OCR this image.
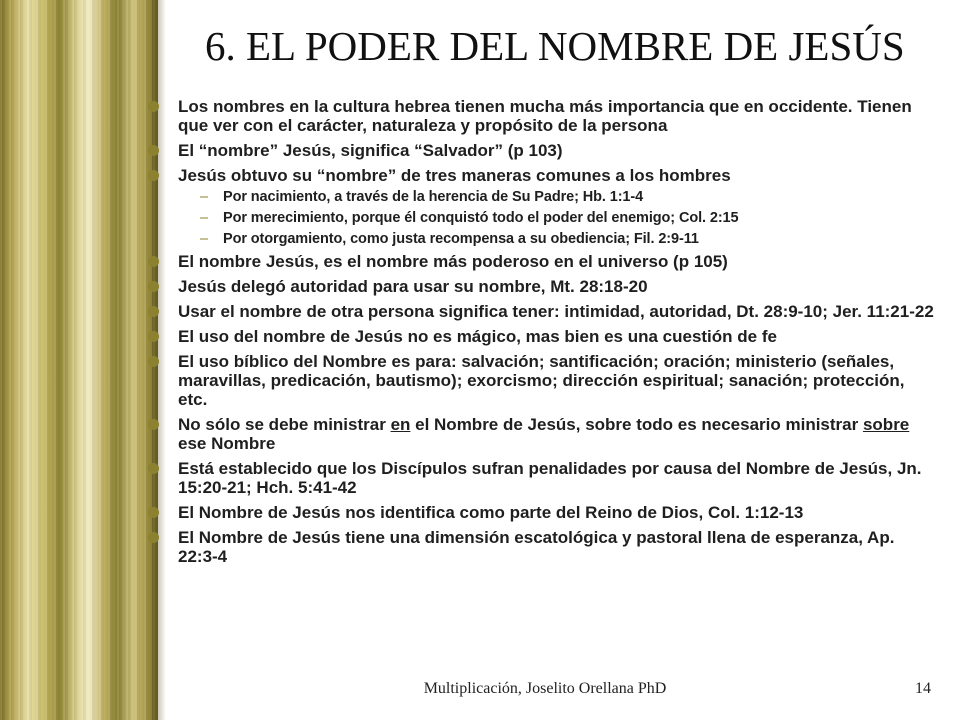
6. EL PODER DEL NOMBRE DE JESÚS
Los nombres en la cultura hebrea tienen mucha más importancia que en occidente. Tienen que ver con el carácter, naturaleza y propósito de la persona
El “nombre” Jesús, significa “Salvador” (p 103)
Jesús obtuvo su “nombre” de tres maneras comunes a los hombres
– Por nacimiento, a través de la herencia de Su Padre; Hb. 1:1-4
– Por merecimiento, porque él conquistó todo el poder del enemigo; Col. 2:15
– Por otorgamiento, como justa recompensa a su obediencia; Fil. 2:9-11
El nombre Jesús, es el nombre más poderoso en el universo (p 105)
Jesús delegó autoridad para usar su nombre, Mt. 28:18-20
Usar el nombre de otra persona significa tener: intimidad, autoridad, Dt. 28:9-10; Jer. 11:21-22
El uso del nombre de Jesús no es mágico, mas bien es una cuestión de fe
El uso bíblico del Nombre es para: salvación; santificación; oración; ministerio (señales, maravillas, predicación, bautismo); exorcismo; dirección espiritual; sanación; protección, etc.
No sólo se debe ministrar en el Nombre de Jesús, sobre todo es necesario ministrar sobre ese Nombre
Está establecido que los Discípulos sufran penalidades por causa del Nombre de Jesús, Jn. 15:20-21; Hch. 5:41-42
El Nombre de Jesús nos identifica como parte del Reino de Dios, Col. 1:12-13
El Nombre de Jesús tiene una dimensión escatológica y pastoral llena de esperanza, Ap. 22:3-4
Multiplicación, Joselito Orellana PhD	14
